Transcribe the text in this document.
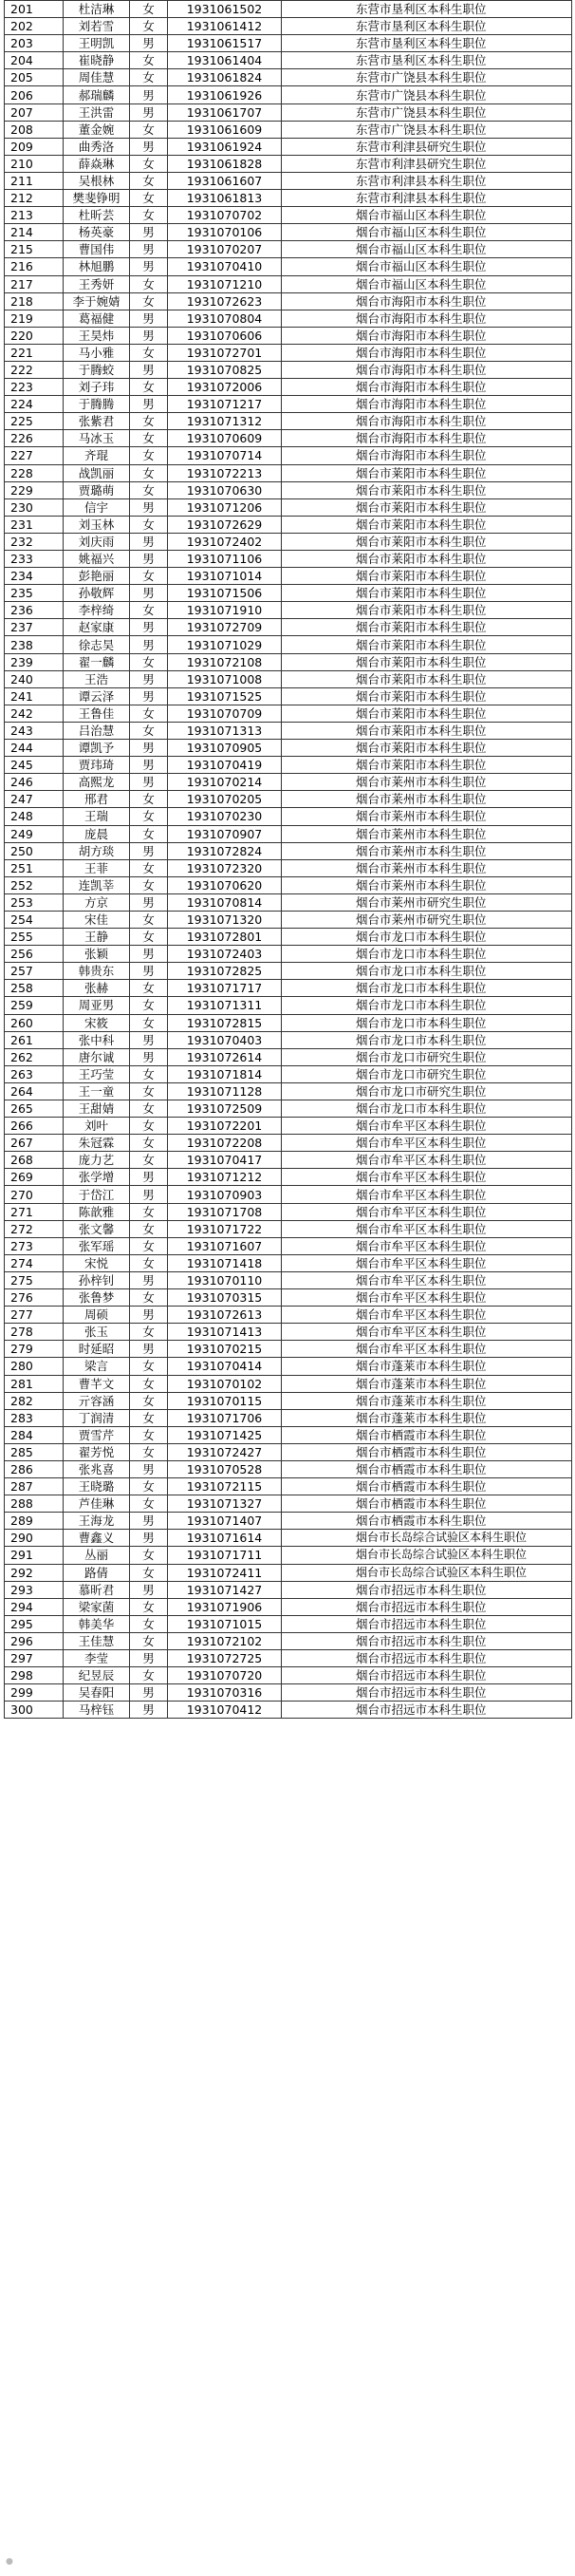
201	杜洁琳	女	1931061502	东营市垦利区本科生职位
202	刘若雪	女	1931061412	东营市垦利区本科生职位
203	王明凯	男	1931061517	东营市垦利区本科生职位
204	崔晓静	女	1931061404	东营市垦利区本科生职位
205	周佳慧	女	1931061824	东营市广饶县本科生职位
206	郝瑞麟	男	1931061926	东营市广饶县本科生职位
207	王洪雷	男	1931061707	东营市广饶县本科生职位
208	董金婉	女	1931061609	东营市广饶县本科生职位
209	曲秀洛	男	1931061924	东营市利津县研究生职位
210	薛焱琳	女	1931061828	东营市利津县研究生职位
211	吴根林	女	1931061607	东营市利津县本科生职位
212	樊斐铮明	女	1931061813	东营市利津县本科生职位
213	杜昕芸	女	1931070702	烟台市福山区本科生职位
214	杨英豪	男	1931070106	烟台市福山区本科生职位
215	曹国伟	男	1931070207	烟台市福山区本科生职位
216	林旭鹏	男	1931070410	烟台市福山区本科生职位
217	王秀妍	女	1931071210	烟台市福山区本科生职位
218	李于婉婧	女	1931072623	烟台市海阳市本科生职位
219	葛福健	男	1931070804	烟台市海阳市本科生职位
220	王昊炜	男	1931070606	烟台市海阳市本科生职位
221	马小雅	女	1931072701	烟台市海阳市本科生职位
222	于腾蛟	男	1931070825	烟台市海阳市本科生职位
223	刘子玮	女	1931072006	烟台市海阳市本科生职位
224	于腾腾	男	1931071217	烟台市海阳市本科生职位
225	张紫君	女	1931071312	烟台市海阳市本科生职位
226	马冰玉	女	1931070609	烟台市海阳市本科生职位
227	齐琨	女	1931070714	烟台市海阳市本科生职位
228	战凯丽	女	1931072213	烟台市莱阳市本科生职位
229	贾璐萌	女	1931070630	烟台市莱阳市本科生职位
230	信宇	男	1931071206	烟台市莱阳市本科生职位
231	刘玉林	女	1931072629	烟台市莱阳市本科生职位
232	刘庆雨	男	1931072402	烟台市莱阳市本科生职位
233	姚福兴	男	1931071106	烟台市莱阳市本科生职位
234	彭艳丽	女	1931071014	烟台市莱阳市本科生职位
235	孙敬辉	男	1931071506	烟台市莱阳市本科生职位
236	李梓绮	女	1931071910	烟台市莱阳市本科生职位
237	赵家康	男	1931072709	烟台市莱阳市本科生职位
238	徐志昊	男	1931071029	烟台市莱阳市本科生职位
239	翟一麟	女	1931072108	烟台市莱阳市本科生职位
240	王浩	男	1931071008	烟台市莱阳市本科生职位
241	谭云泽	男	1931071525	烟台市莱阳市本科生职位
242	王鲁佳	女	1931070709	烟台市莱阳市本科生职位
243	吕治慧	女	1931071313	烟台市莱阳市本科生职位
244	谭凯予	男	1931070905	烟台市莱阳市本科生职位
245	贾玮琦	男	1931070419	烟台市莱阳市本科生职位
246	高熙龙	男	1931070214	烟台市莱州市本科生职位
247	邢君	女	1931070205	烟台市莱州市本科生职位
248	王瑞	女	1931070230	烟台市莱州市本科生职位
249	庞晨	女	1931070907	烟台市莱州市本科生职位
250	胡方琰	男	1931072824	烟台市莱州市本科生职位
251	王菲	女	1931072320	烟台市莱州市本科生职位
252	连凯莘	女	1931070620	烟台市莱州市本科生职位
253	方京	男	1931070814	烟台市莱州市研究生职位
254	宋佳	女	1931071320	烟台市莱州市研究生职位
255	王静	女	1931072801	烟台市龙口市本科生职位
256	张颖	男	1931072403	烟台市龙口市本科生职位
257	韩贵东	男	1931072825	烟台市龙口市本科生职位
258	张赫	女	1931071717	烟台市龙口市本科生职位
259	周亚男	女	1931071311	烟台市龙口市本科生职位
260	宋筱	女	1931072815	烟台市龙口市本科生职位
261	张中科	男	1931070403	烟台市龙口市本科生职位
262	唐尔诚	男	1931072614	烟台市龙口市研究生职位
263	王巧莹	女	1931071814	烟台市龙口市研究生职位
264	王一童	女	1931071128	烟台市龙口市研究生职位
265	王甜婧	女	1931072509	烟台市龙口市本科生职位
266	刘叶	女	1931072201	烟台市牟平区本科生职位
267	朱冠霖	女	1931072208	烟台市牟平区本科生职位
268	庞力艺	女	1931070417	烟台市牟平区本科生职位
269	张学增	男	1931071212	烟台市牟平区本科生职位
270	于岱江	男	1931070903	烟台市牟平区本科生职位
271	陈歆雅	女	1931071708	烟台市牟平区本科生职位
272	张文馨	女	1931071722	烟台市牟平区本科生职位
273	张军瑶	女	1931071607	烟台市牟平区本科生职位
274	宋悦	女	1931071418	烟台市牟平区本科生职位
275	孙梓钊	男	1931070110	烟台市牟平区本科生职位
276	张鲁梦	女	1931070315	烟台市牟平区本科生职位
277	周硕	男	1931072613	烟台市牟平区本科生职位
278	张玉	女	1931071413	烟台市牟平区本科生职位
279	时延昭	男	1931070215	烟台市牟平区本科生职位
280	梁言	女	1931070414	烟台市蓬莱市本科生职位
281	曹芊文	女	1931070102	烟台市蓬莱市本科生职位
282	亓容涵	女	1931070115	烟台市蓬莱市本科生职位
283	丁润清	女	1931071706	烟台市蓬莱市本科生职位
284	贾雪芹	女	1931071425	烟台市栖霞市本科生职位
285	翟芳悦	女	1931072427	烟台市栖霞市本科生职位
286	张兆喜	男	1931070528	烟台市栖霞市本科生职位
287	王晓璐	女	1931072115	烟台市栖霞市本科生职位
288	芦佳琳	女	1931071327	烟台市栖霞市本科生职位
289	王海龙	男	1931071407	烟台市栖霞市本科生职位
290	曹鑫义	男	1931071614	烟台市长岛综合试验区本科生职位
291	丛丽	女	1931071711	烟台市长岛综合试验区本科生职位
292	路倩	女	1931072411	烟台市长岛综合试验区本科生职位
293	慕昕君	男	1931071427	烟台市招远市本科生职位
294	梁家菌	女	1931071906	烟台市招远市本科生职位
295	韩美华	女	1931071015	烟台市招远市本科生职位
296	王佳慧	女	1931072102	烟台市招远市本科生职位
297	李莹	男	1931072725	烟台市招远市本科生职位
298	纪昱辰	女	1931070720	烟台市招远市本科生职位
299	吴春阳	男	1931070316	烟台市招远市本科生职位
300	马梓钰	男	1931070412	烟台市招远市本科生职位
●
